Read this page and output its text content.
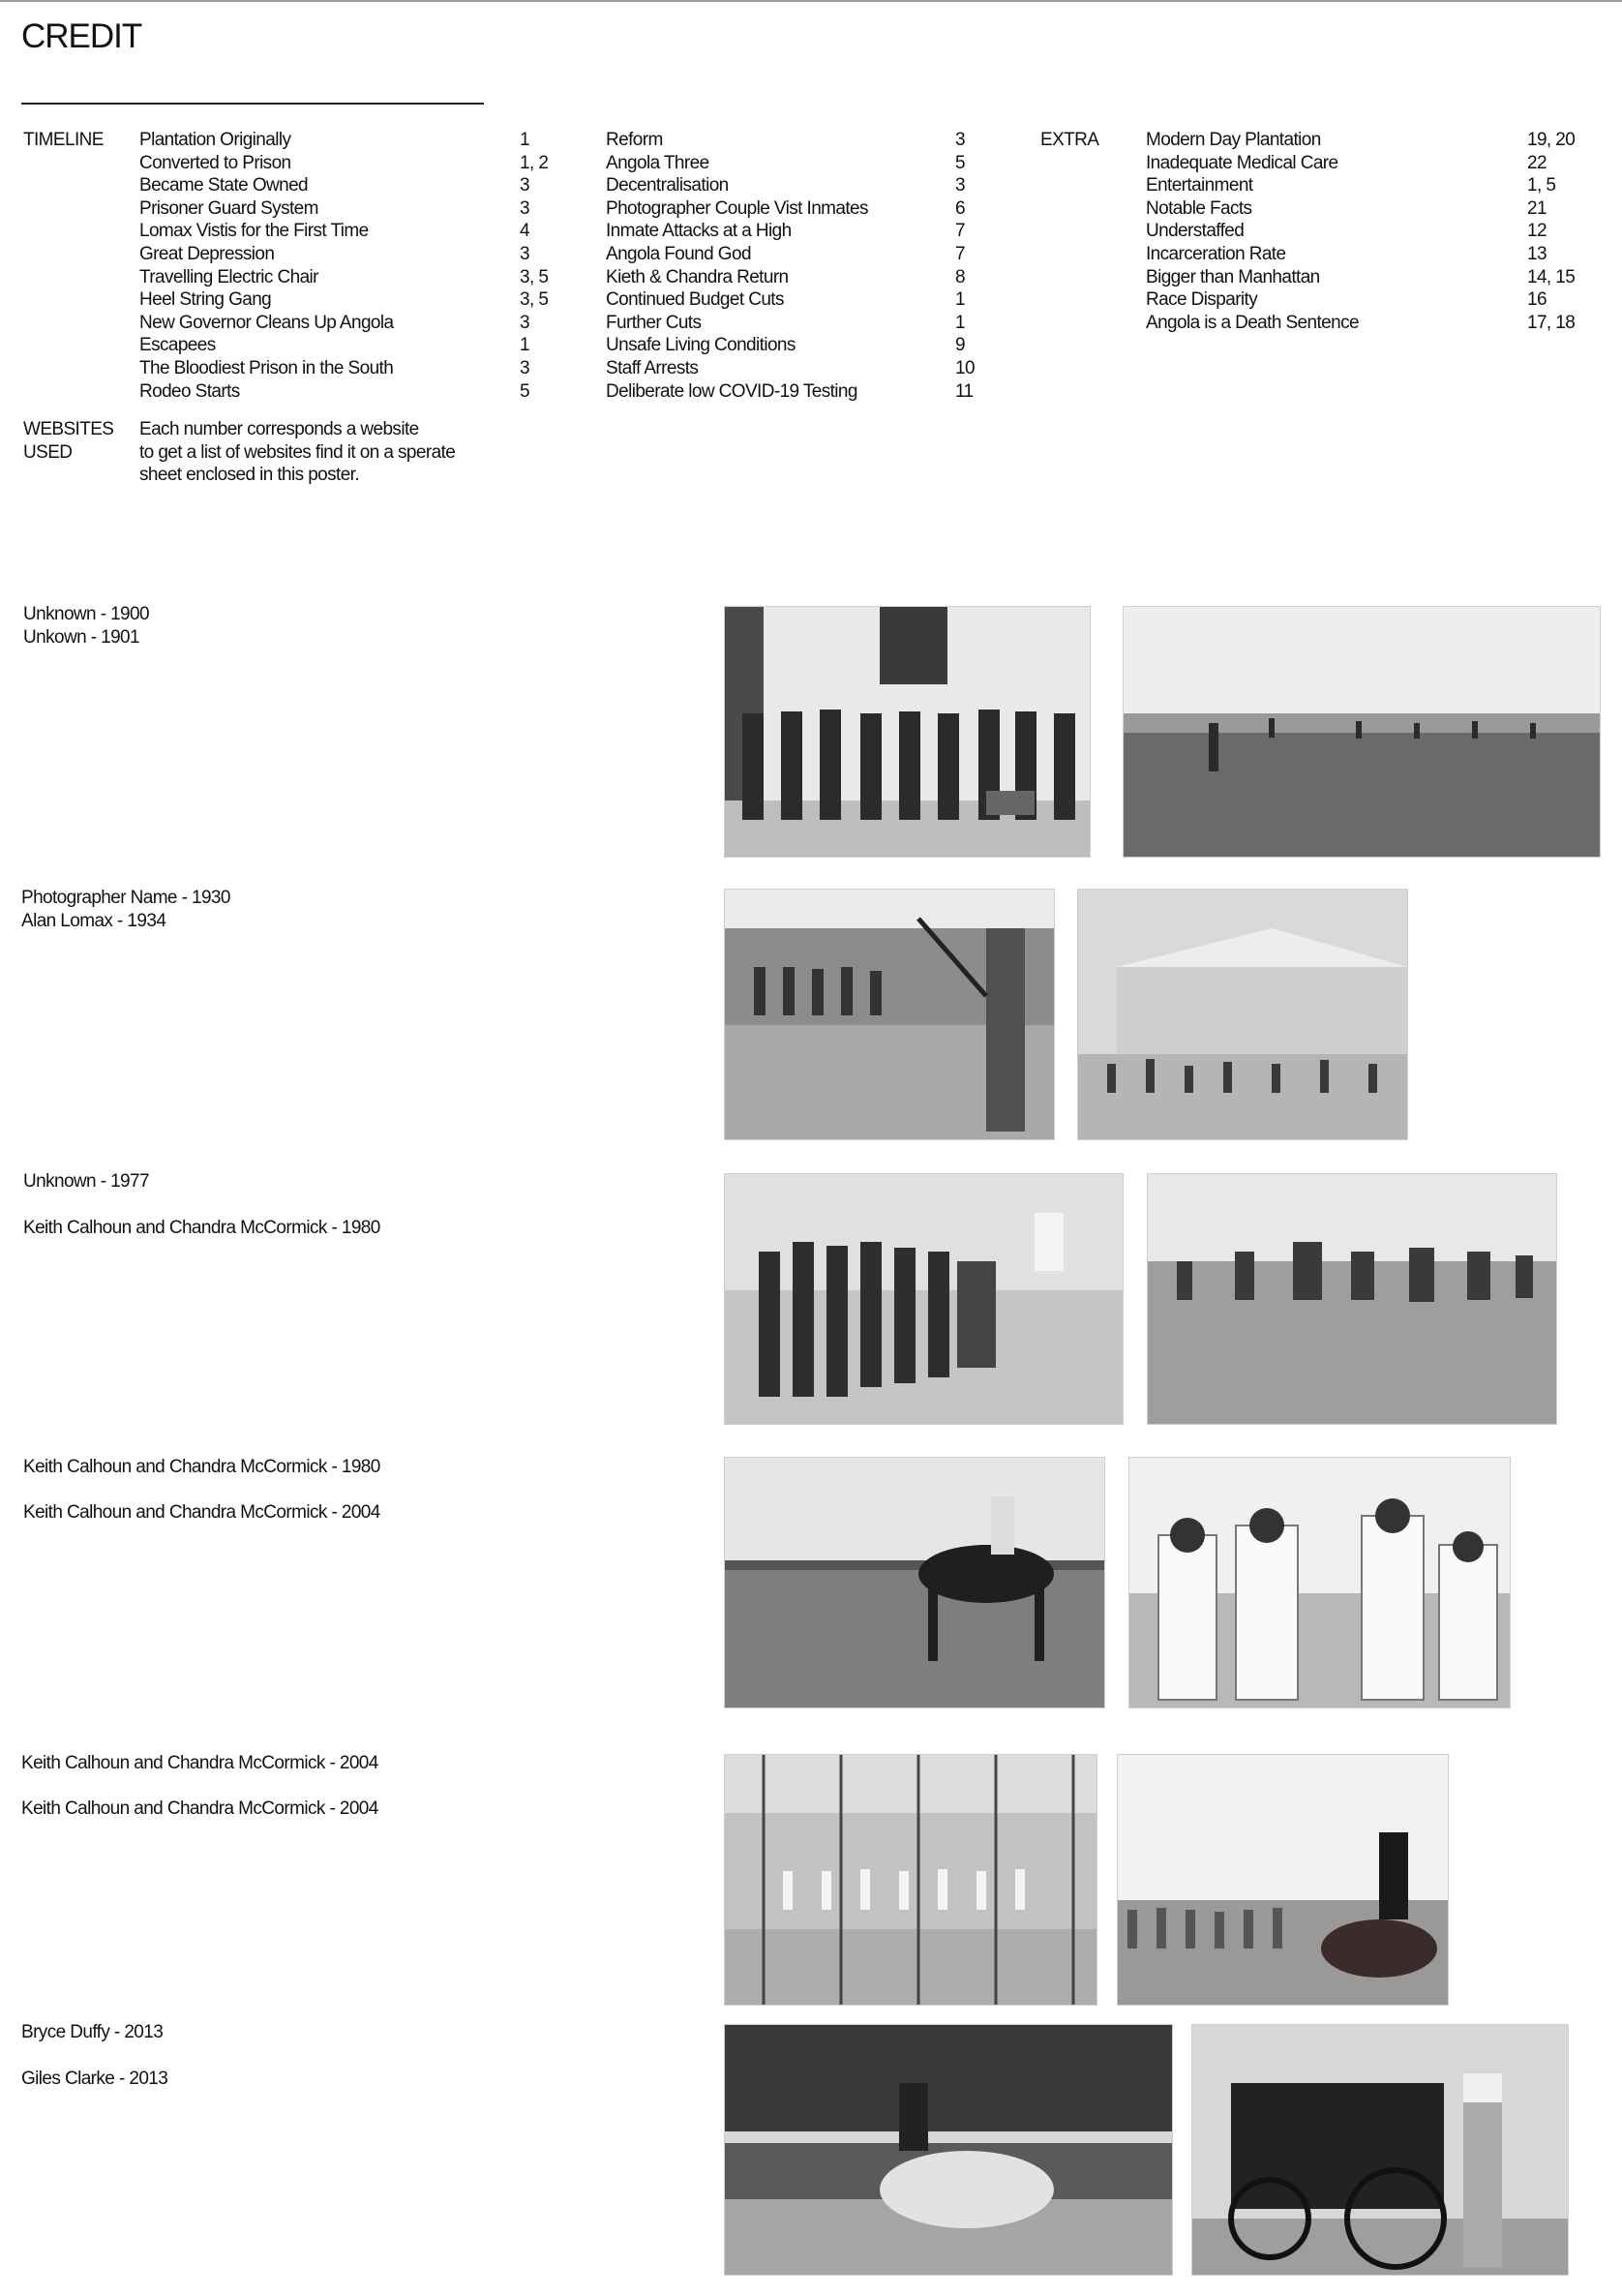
CREDIT
TIMELINE	EXTRA
Plantation Originally
Converted to Prison
Became State Owned
Prisoner Guard System
Lomax Vistis for the First Time
Great Depression
Travelling Electric Chair
Heel String Gang
New Governor Cleans Up Angola
Escapees
The Bloodiest Prison in the South
Rodeo Starts
1
1, 2
3
3
4
3
3, 5
3, 5
3
1
3
5
Reform
Angola Three
Decentralisation
Photographer Couple Vist Inmates
Inmate Attacks at a High
Angola Found God
Kieth & Chandra Return
Continued Budget Cuts
Further Cuts
Unsafe Living Conditions
Staff Arrests
Deliberate low COVID-19 Testing
3
5
3
6
7
7
8
1
1
9
10
11
Modern Day Plantation
Inadequate Medical Care
Entertainment
Notable Facts
Understaffed
Incarceration Rate
Bigger than Manhattan
Race Disparity
Angola is a Death Sentence
19, 20
22
1, 5
21
12
13
14, 15
16
17, 18
WEBSITES
USED
Each number corresponds a website
to get a list of websites find it on a sperate
sheet enclosed in this poster.
Unknown - 1900
Unkown - 1901
Photographer Name - 1930
Alan Lomax - 1934
Unknown - 1977
Keith Calhoun and Chandra McCormick - 1980
Keith Calhoun and Chandra McCormick - 1980
Keith Calhoun and Chandra McCormick - 2004
Keith Calhoun and Chandra McCormick - 2004
Keith Calhoun and Chandra McCormick - 2004
Bryce Duffy - 2013
Giles Clarke - 2013
